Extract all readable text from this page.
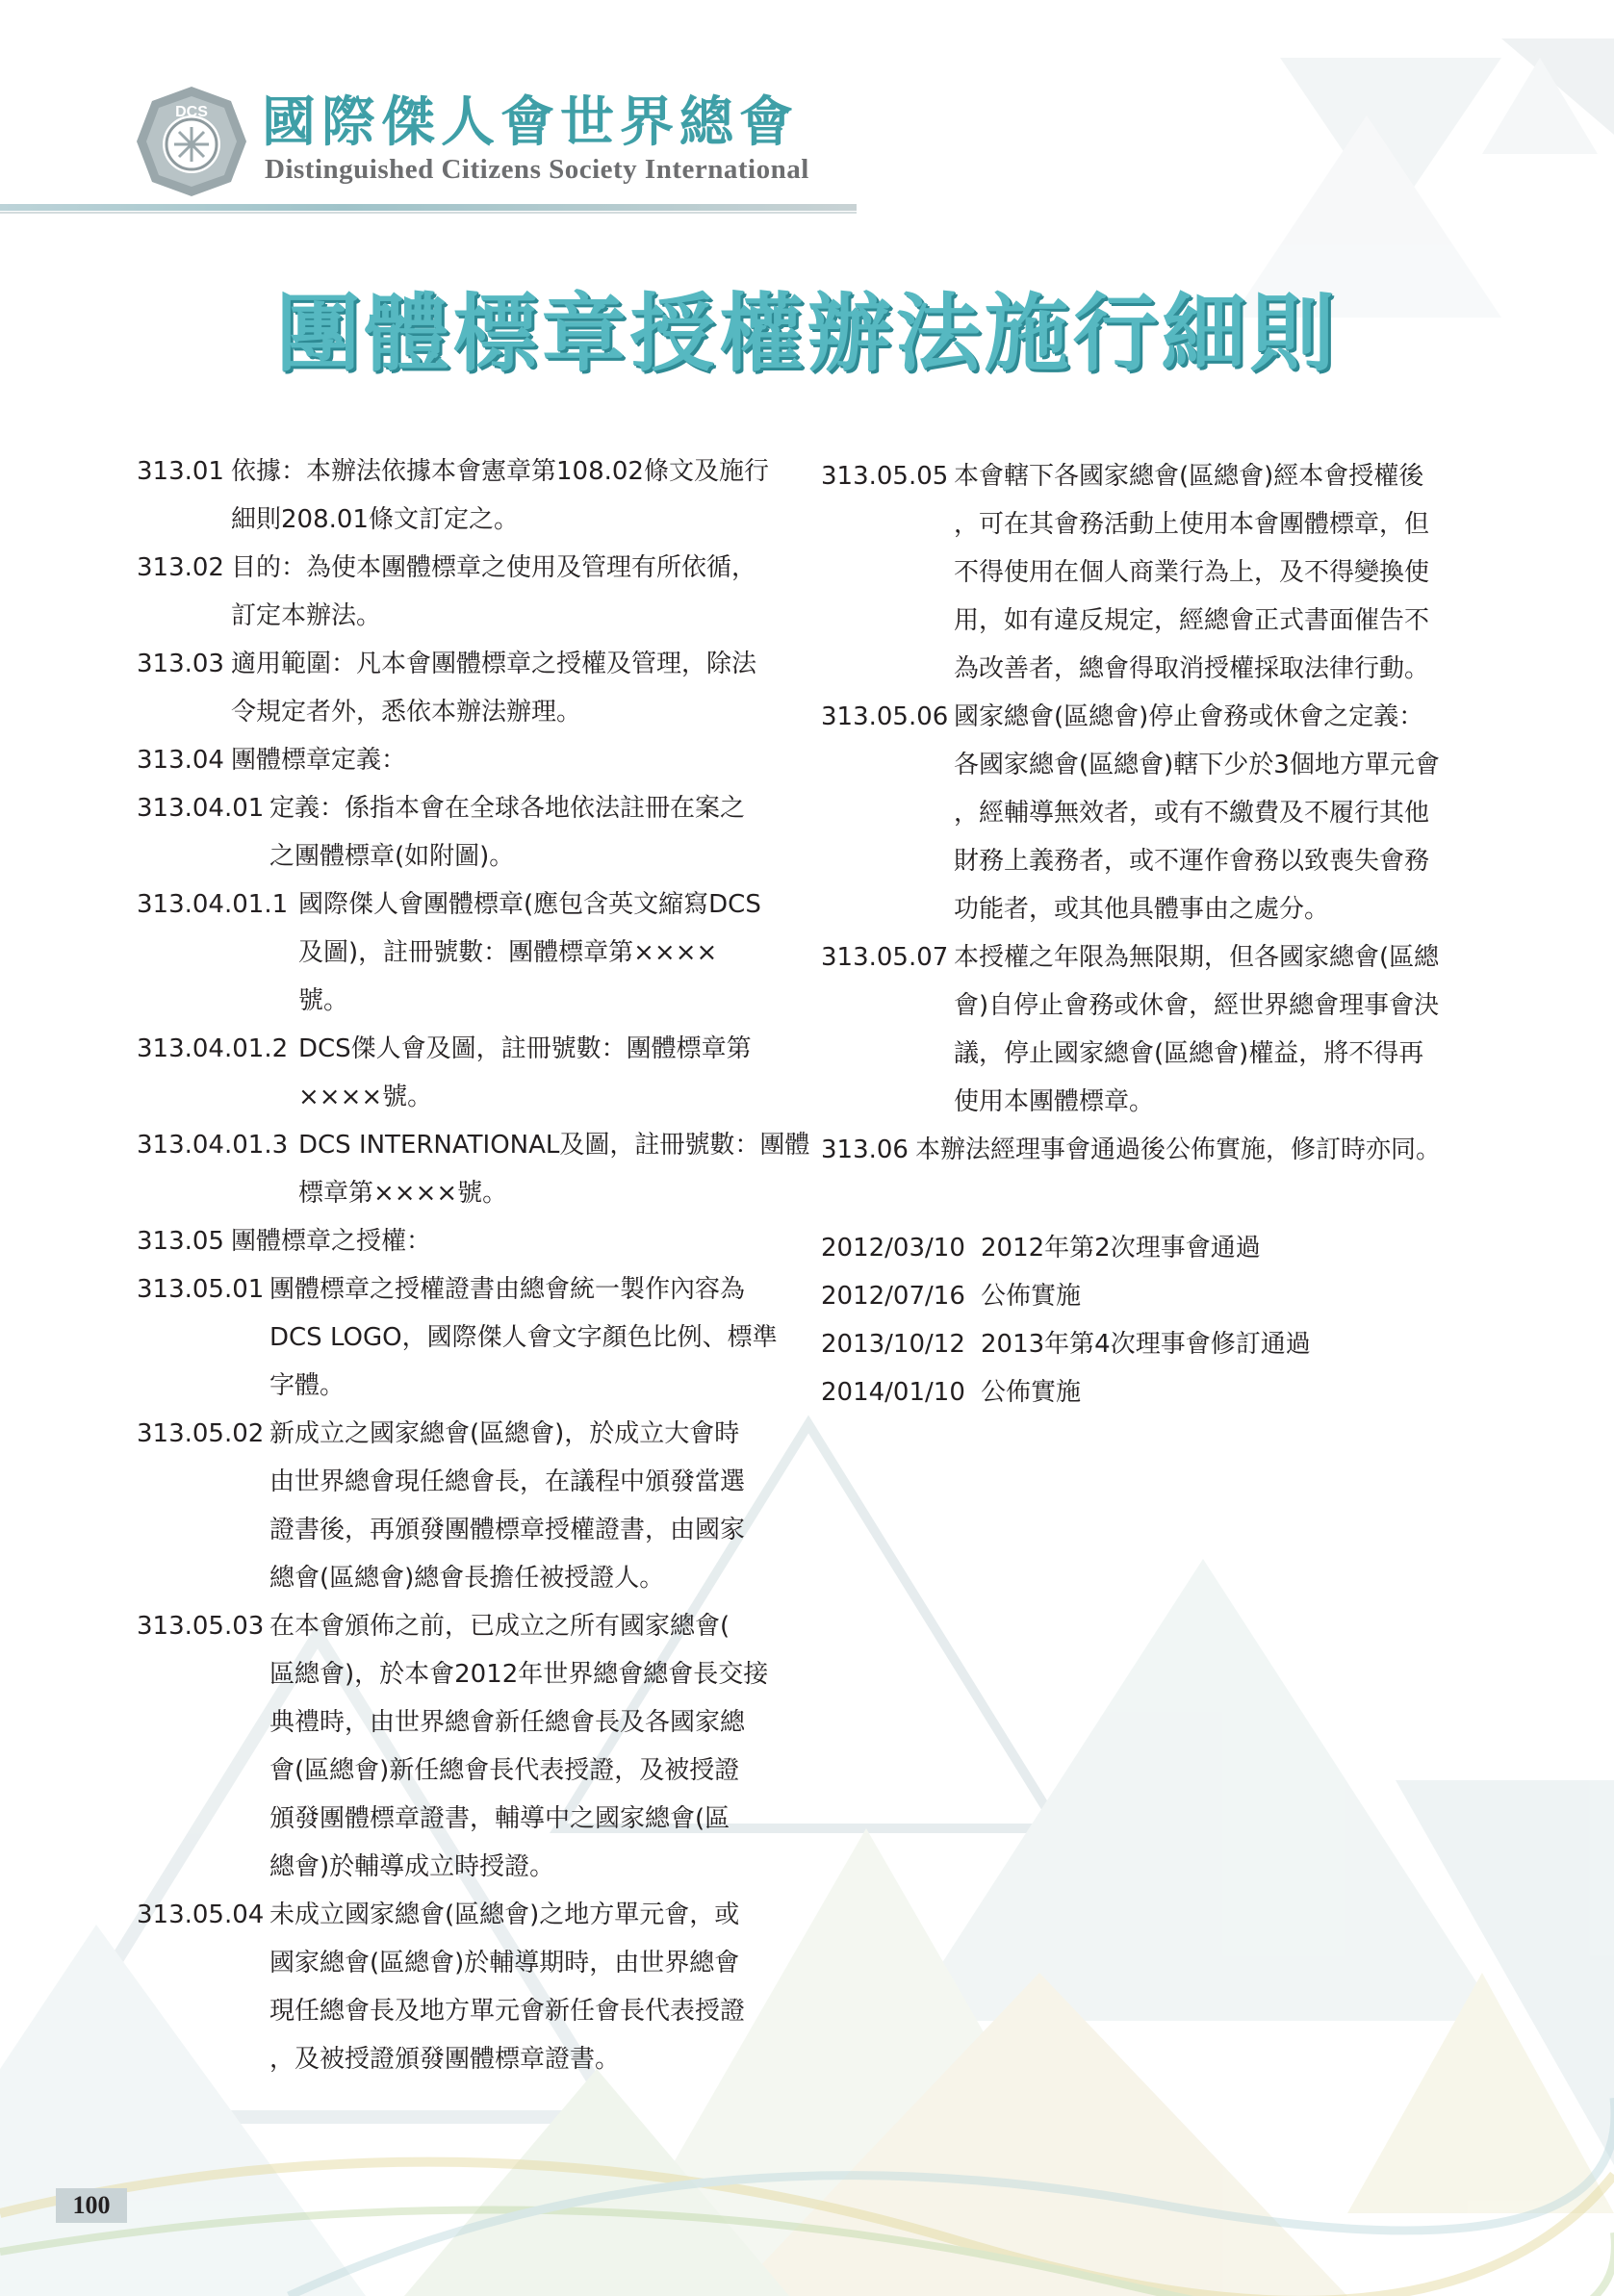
DCS 國際傑人會世界總會
Distinguished Citizens Society International
團體標章授權辦法施行細則
313.01 依據：本辦法依據本會憲章第108.02條文及施行
細則208.01條文訂定之。
313.02 目的：為使本團體標章之使用及管理有所依循，
訂定本辦法。
313.03 適用範圍：凡本會團體標章之授權及管理，除法
令規定者外，悉依本辦法辦理。
313.04 團體標章定義：
313.04.01 定義：係指本會在全球各地依法註冊在案之
之團體標章(如附圖)。
313.04.01.1 國際傑人會團體標章(應包含英文縮寫DCS
及圖)，註冊號數：團體標章第××××
號。
313.04.01.2 DCS傑人會及圖，註冊號數：團體標章第
××××號。
313.04.01.3 DCS INTERNATIONAL及圖，註冊號數：團體
標章第××××號。
313.05 團體標章之授權：
313.05.01 團體標章之授權證書由總會統一製作內容為
DCS LOGO，國際傑人會文字顏色比例、標準
字體。
313.05.02 新成立之國家總會(區總會)，於成立大會時
由世界總會現任總會長，在議程中頒發當選
證書後，再頒發團體標章授權證書，由國家
總會(區總會)總會長擔任被授證人。
313.05.03 在本會頒佈之前，已成立之所有國家總會(
區總會)，於本會2012年世界總會總會長交接
典禮時，由世界總會新任總會長及各國家總
會(區總會)新任總會長代表授證，及被授證
頒發團體標章證書，輔導中之國家總會(區
總會)於輔導成立時授證。
313.05.04 未成立國家總會(區總會)之地方單元會，或
國家總會(區總會)於輔導期時，由世界總會
現任總會長及地方單元會新任會長代表授證
，及被授證頒發團體標章證書。
313.05.05 本會轄下各國家總會(區總會)經本會授權後
，可在其會務活動上使用本會團體標章，但
不得使用在個人商業行為上，及不得變換使
用，如有違反規定，經總會正式書面催告不
為改善者，總會得取消授權採取法律行動。
313.05.06 國家總會(區總會)停止會務或休會之定義：
各國家總會(區總會)轄下少於3個地方單元會
，經輔導無效者，或有不繳費及不履行其他
財務上義務者，或不運作會務以致喪失會務
功能者，或其他具體事由之處分。
313.05.07 本授權之年限為無限期，但各國家總會(區總
會)自停止會務或休會，經世界總會理事會決
議，停止國家總會(區總會)權益，將不得再
使用本團體標章。
313.06 本辦法經理事會通過後公佈實施，修訂時亦同。
2012/03/10 2012年第2次理事會通過
2012/07/16 公佈實施
2013/10/12 2013年第4次理事會修訂通過
2014/01/10 公佈實施
100
